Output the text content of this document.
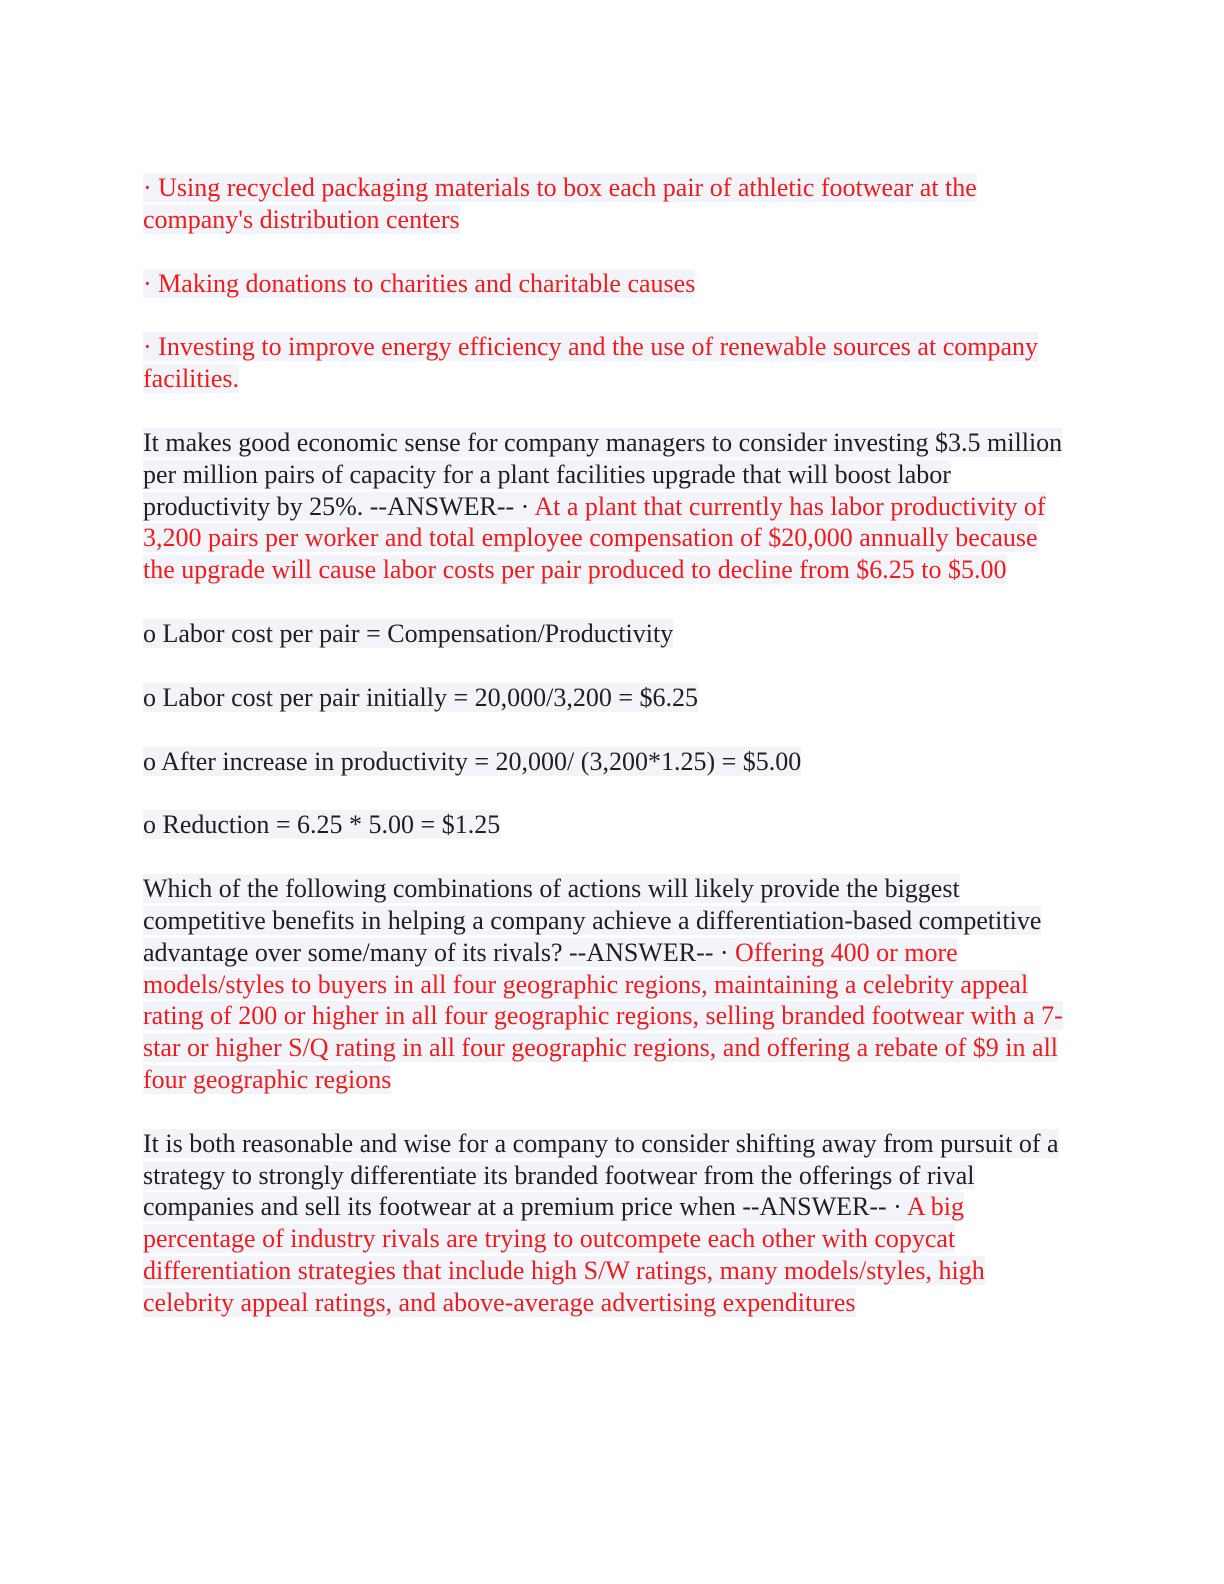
· Using recycled packaging materials to box each pair of athletic footwear at the company's distribution centers

· Making donations to charities and charitable causes

· Investing to improve energy efficiency and the use of renewable sources at company facilities.

It makes good economic sense for company managers to consider investing $3.5 million per million pairs of capacity for a plant facilities upgrade that will boost labor productivity by 25%. --ANSWER-- · At a plant that currently has labor productivity of 3,200 pairs per worker and total employee compensation of $20,000 annually because the upgrade will cause labor costs per pair produced to decline from $6.25 to $5.00

o Labor cost per pair = Compensation/Productivity

o Labor cost per pair initially = 20,000/3,200 = $6.25

o After increase in productivity = 20,000/ (3,200*1.25) = $5.00

o Reduction = 6.25 * 5.00 = $1.25

Which of the following combinations of actions will likely provide the biggest competitive benefits in helping a company achieve a differentiation-based competitive advantage over some/many of its rivals? --ANSWER-- · Offering 400 or more models/styles to buyers in all four geographic regions, maintaining a celebrity appeal rating of 200 or higher in all four geographic regions, selling branded footwear with a 7-star or higher S/Q rating in all four geographic regions, and offering a rebate of $9 in all four geographic regions

It is both reasonable and wise for a company to consider shifting away from pursuit of a strategy to strongly differentiate its branded footwear from the offerings of rival companies and sell its footwear at a premium price when --ANSWER-- · A big percentage of industry rivals are trying to outcompete each other with copycat differentiation strategies that include high S/W ratings, many models/styles, high celebrity appeal ratings, and above-average advertising expenditures
